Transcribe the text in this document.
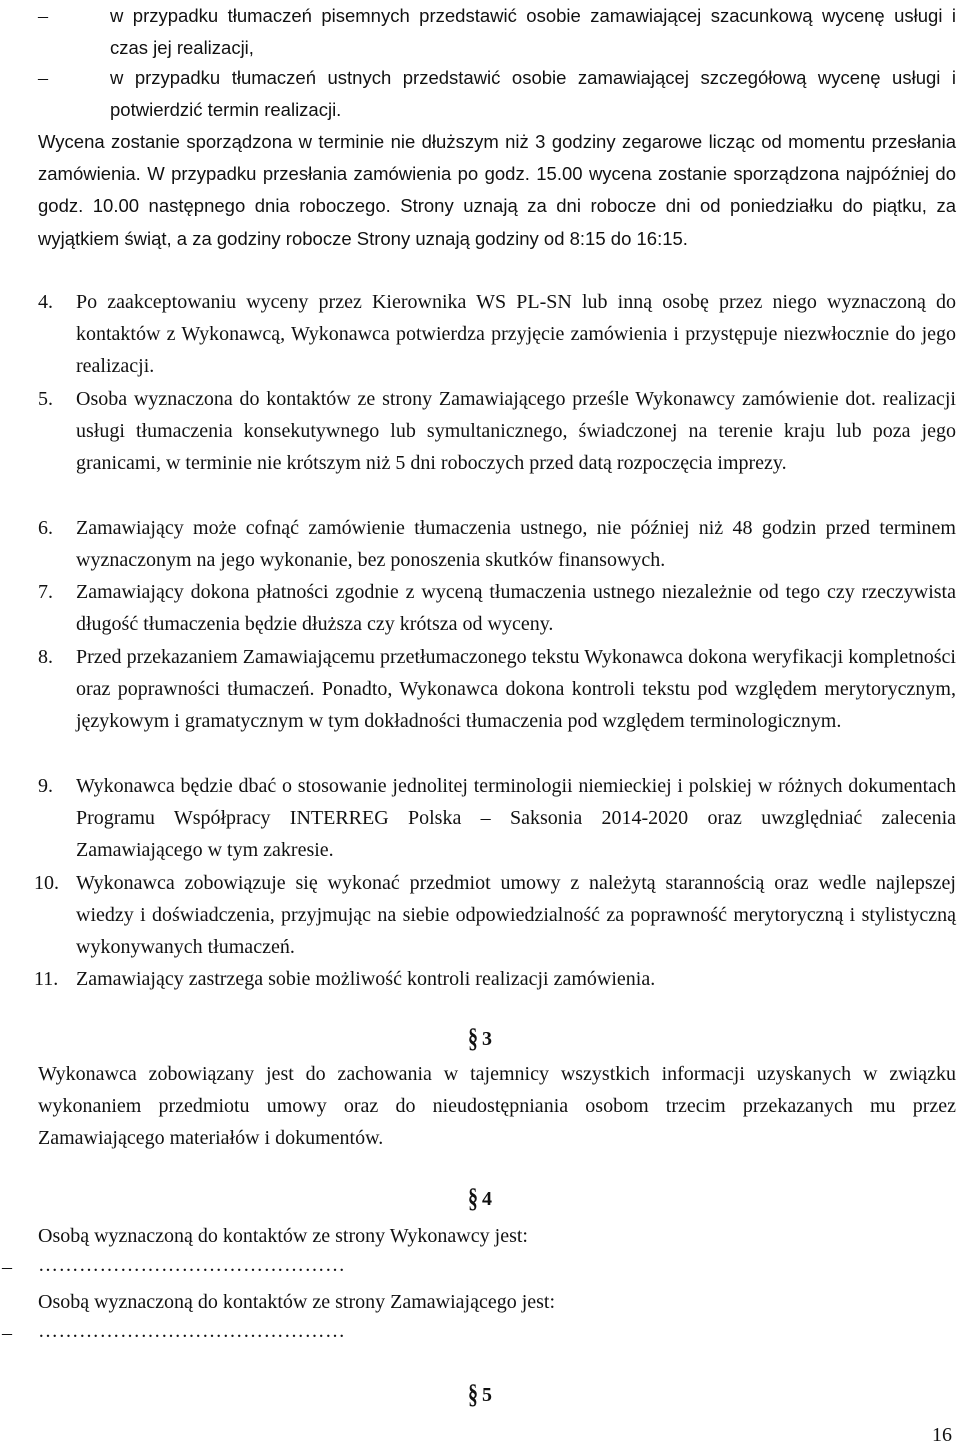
–	w przypadku tłumaczeń pisemnych przedstawić osobie zamawiającej szacunkową wycenę usługi i czas jej realizacji,

–	w przypadku tłumaczeń ustnych przedstawić osobie zamawiającej szczegółową wycenę usługi i potwierdzić termin realizacji.

Wycena zostanie sporządzona w terminie nie dłuższym niż 3 godziny zegarowe licząc od momentu przesłania zamówienia. W przypadku przesłania zamówienia po godz. 15.00 wycena zostanie sporządzona najpóźniej do godz. 10.00 następnego dnia roboczego. Strony uznają za dni robocze dni od poniedziałku do piątku, za wyjątkiem świąt, a za godziny robocze Strony uznają godziny od 8:15 do 16:15.

4. Po zaakceptowaniu wyceny przez Kierownika WS PL-SN lub inną osobę przez niego wyznaczoną do kontaktów z Wykonawcą, Wykonawca potwierdza przyjęcie zamówienia i przystępuje niezwłocznie do jego realizacji.

5. Osoba wyznaczona do kontaktów ze strony Zamawiającego prześle Wykonawcy zamówienie dot. realizacji usługi tłumaczenia konsekutywnego lub symultanicznego, świadczonej na terenie kraju lub poza jego granicami, w terminie nie krótszym niż 5 dni roboczych przed datą rozpoczęcia imprezy.

6. Zamawiający może cofnąć zamówienie tłumaczenia ustnego, nie później niż 48 godzin przed terminem wyznaczonym na jego wykonanie, bez ponoszenia skutków finansowych.

7. Zamawiający dokona płatności zgodnie z wyceną tłumaczenia ustnego niezależnie od tego czy rzeczywista długość tłumaczenia będzie dłuższa czy krótsza od wyceny.

8. Przed przekazaniem Zamawiającemu przetłumaczonego tekstu Wykonawca dokona weryfikacji kompletności oraz poprawności tłumaczeń. Ponadto, Wykonawca dokona kontroli tekstu pod względem merytorycznym, językowym i gramatycznym w tym dokładności tłumaczenia pod względem terminologicznym.

9. Wykonawca będzie dbać o stosowanie jednolitej terminologii niemieckiej i polskiej w różnych dokumentach Programu Współpracy INTERREG Polska – Saksonia 2014-2020 oraz uwzględniać zalecenia Zamawiającego w tym zakresie.

10. Wykonawca zobowiązuje się wykonać przedmiot umowy z należytą starannością oraz wedle najlepszej wiedzy i doświadczenia, przyjmując na siebie odpowiedzialność za poprawność merytoryczną i stylistyczną wykonywanych tłumaczeń.

11. Zamawiający zastrzega sobie możliwość kontroli realizacji zamówienia.

§ 3

Wykonawca zobowiązany jest do zachowania w tajemnicy wszystkich informacji uzyskanych w związku wykonaniem przedmiotu umowy oraz do nieudostępniania osobom trzecim przekazanych mu przez Zamawiającego materiałów i dokumentów.

§ 4
Osobą wyznaczoną do kontaktów ze strony Wykonawcy jest:
– ………………………………………
Osobą wyznaczoną do kontaktów ze strony Zamawiającego jest:
– ………………………………………
§ 5
16
